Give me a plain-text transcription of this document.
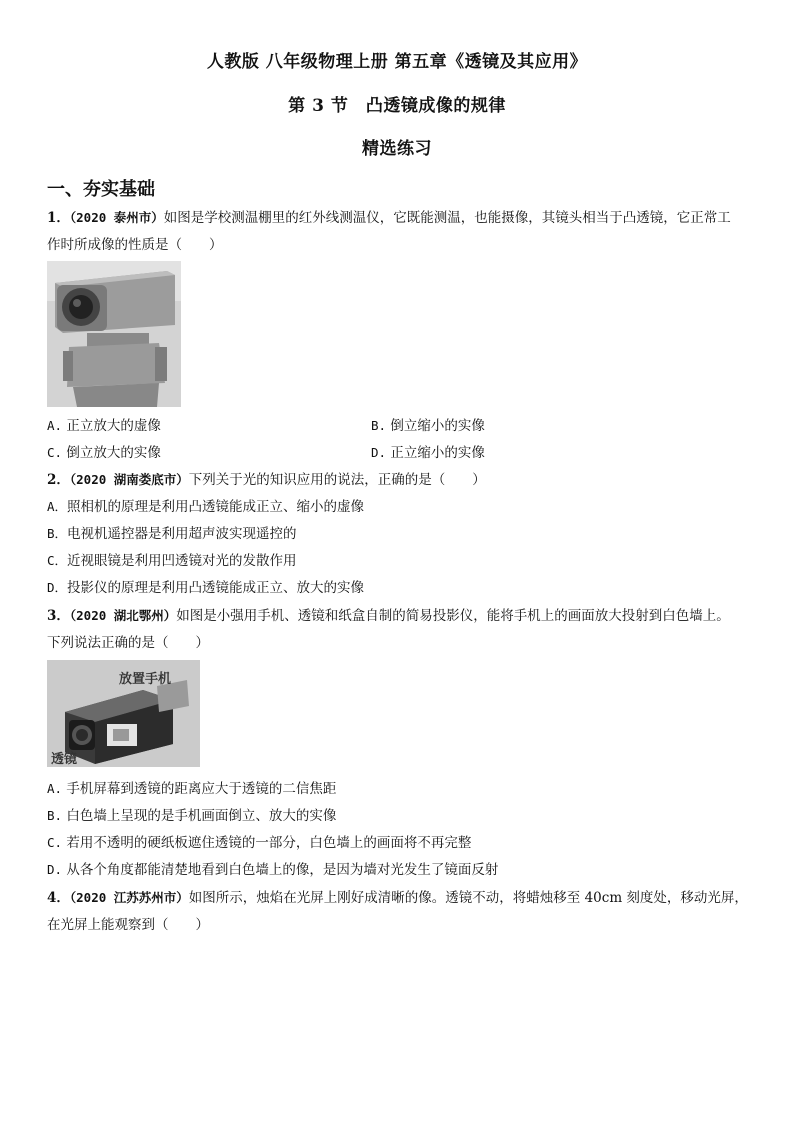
人教版 八年级物理上册 第五章《透镜及其应用》
第 3 节　凸透镜成像的规律
精选练习
一、夯实基础
1．（2020 泰州市）如图是学校测温棚里的红外线测温仪，它既能测温，也能摄像，其镜头相当于凸透镜，它正常工
作时所成像的性质是（　　）
A. 正立放大的虚像	B. 倒立缩小的实像
C. 倒立放大的实像	D. 正立缩小的实像
2．（2020 湖南娄底市）下列关于光的知识应用的说法，正确的是（　　）
A．照相机的原理是利用凸透镜能成正立、缩小的虚像
B．电视机遥控器是利用超声波实现遥控的
C．近视眼镜是利用凹透镜对光的发散作用
D．投影仪的原理是利用凸透镜能成正立、放大的实像
3．（2020 湖北鄂州）如图是小强用手机、透镜和纸盒自制的简易投影仪，能将手机上的画面放大投射到白色墙上。
下列说法正确的是（　　）
放置手机
透镜
A. 手机屏幕到透镜的距离应大于透镜的二信焦距
B. 白色墙上呈现的是手机画面倒立、放大的实像
C. 若用不透明的硬纸板遮住透镜的一部分，白色墙上的画面将不再完整
D. 从各个角度都能清楚地看到白色墙上的像，是因为墙对光发生了镜面反射
4．（2020 江苏苏州市）如图所示，烛焰在光屏上刚好成清晰的像。透镜不动，将蜡烛移至 40cm 刻度处，移动光屏，
在光屏上能观察到（　　）
